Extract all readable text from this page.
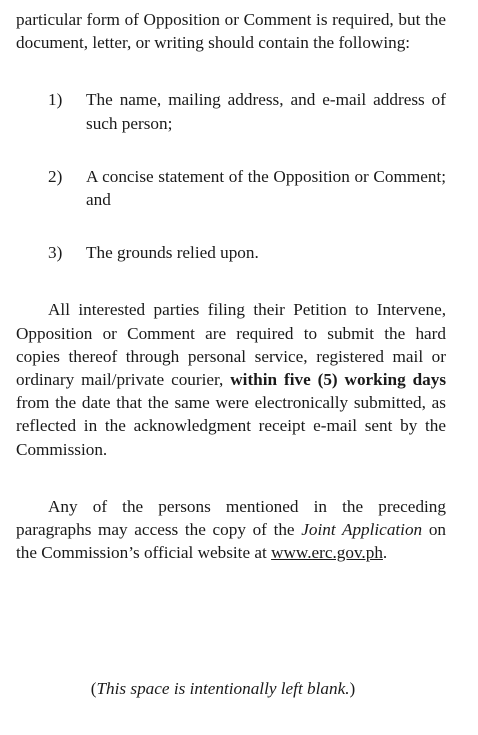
particular form of Opposition or Comment is required, but the document, letter, or writing should contain the following:

1)	The name, mailing address, and e-mail address of such person;
2)	A concise statement of the Opposition or Comment; and
3)	The grounds relied upon.

All interested parties filing their Petition to Intervene, Opposition or Comment are required to submit the hard copies thereof through personal service, registered mail or ordinary mail/private courier, within five (5) working days from the date that the same were electronically submitted, as reflected in the acknowledgment receipt e-mail sent by the Commission.

Any of the persons mentioned in the preceding paragraphs may access the copy of the Joint Application on the Commission’s official website at www.erc.gov.ph.

(This space is intentionally left blank.)
